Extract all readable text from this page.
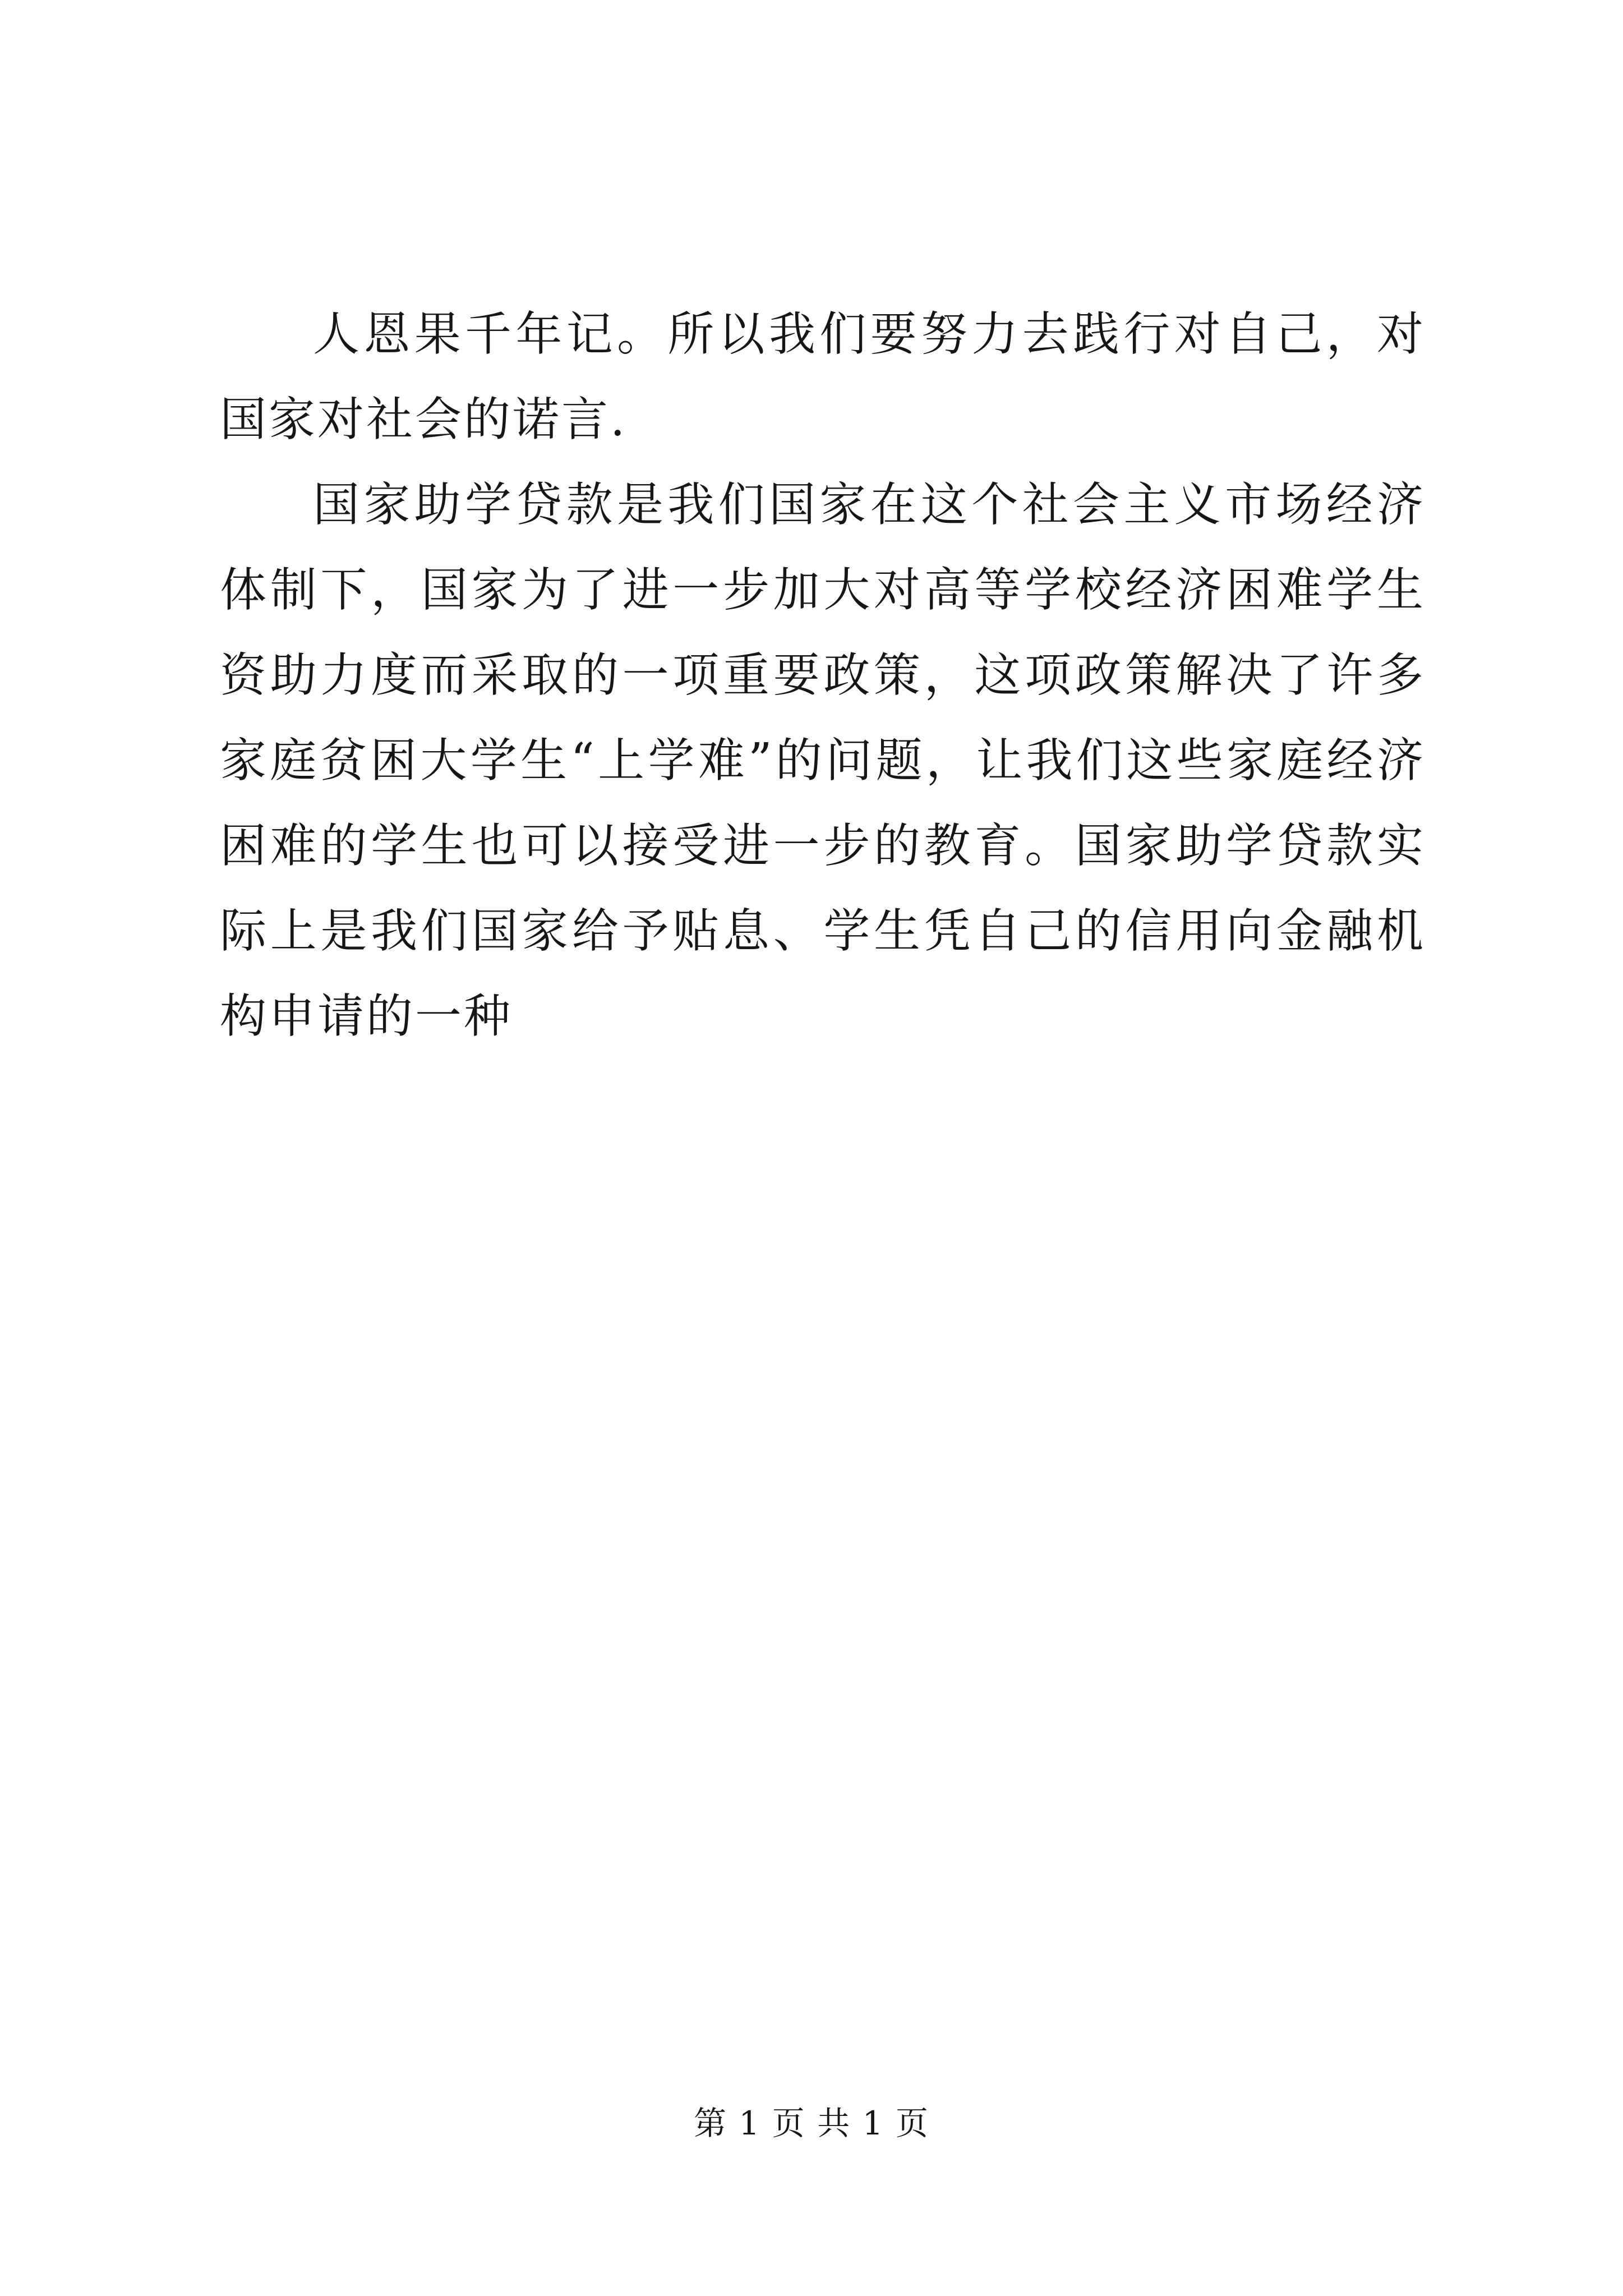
人恩果千年记。所以我们要努力去践行对自己，对国家对社会的诺言.

国家助学贷款是我们国家在这个社会主义市场经济体制下，国家为了进一步加大对高等学校经济困难学生资助力度而采取的一项重要政策，这项政策解决了许多家庭贫困大学生“上学难”的问题，让我们这些家庭经济困难的学生也可以接受进一步的教育。国家助学贷款实际上是我们国家给予贴息、学生凭自己的信用向金融机构申请的一种

第 1 页 共 1 页
